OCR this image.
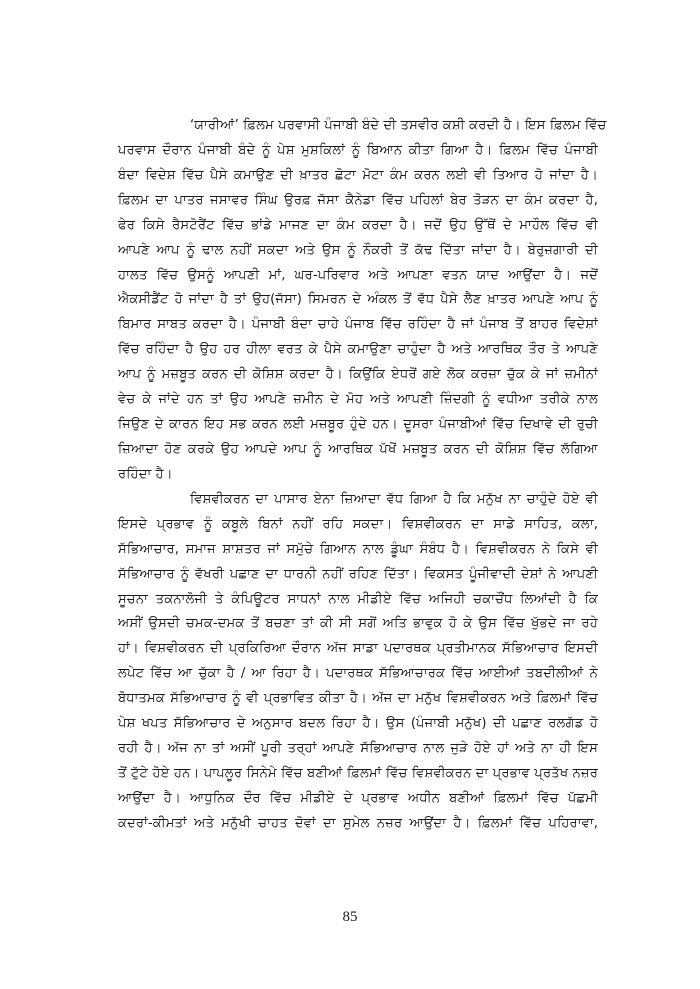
‘ਯਾਰੀਆਂ’ ਫ਼ਿਲਮ ਪਰਵਾਸੀ ਪੰਜਾਬੀ ਬੰਦੇ ਦੀ ਤਸਵੀਰ ਕਸ਼ੀ ਕਰਦੀ ਹੈ। ਇਸ ਫ਼ਿਲਮ ਵਿੱਚ
ਪਰਵਾਸ ਦੌਰਾਨ ਪੰਜਾਬੀ ਬੰਦੇ ਨੂੰ ਪੇਸ਼ ਮੁਸ਼ਕਿਲਾਂ ਨੂੰ ਬਿਆਨ ਕੀਤਾ ਗਿਆ ਹੈ। ਫ਼ਿਲਮ ਵਿੱਚ ਪੰਜਾਬੀ
ਬੰਦਾ ਵਿਦੇਸ਼ ਵਿੱਚ ਪੈਸੇ ਕਮਾਉਣ ਦੀ ਖ਼ਾਤਰ ਛੋਟਾ ਮੋਟਾ ਕੰਮ ਕਰਨ ਲਈ ਵੀ ਤਿਆਰ ਹੋ ਜਾਂਦਾ ਹੈ।
ਫ਼ਿਲਮ ਦਾ ਪਾਤਰ ਜਸਾਵਰ ਸਿੰਘ ਉਰਫ਼ ਜੱਸਾ ਕੈਨੇਡਾ ਵਿੱਚ ਪਹਿਲਾਂ ਬੇਰ ਤੋੜਨ ਦਾ ਕੰਮ ਕਰਦਾ ਹੈ,
ਫੇਰ ਕਿਸੇ ਰੈਸਟੋਰੈਂਟ ਵਿੱਚ ਭਾਂਡੇ ਮਾਜਣ ਦਾ ਕੰਮ ਕਰਦਾ ਹੈ। ਜਦੋਂ ਉਹ ਉੱਥੋਂ ਦੇ ਮਾਹੌਲ ਵਿੱਚ ਵੀ
ਆਪਣੇ ਆਪ ਨੂੰ ਢਾਲ ਨਹੀਂ ਸਕਦਾ ਅਤੇ ਉਸ ਨੂੰ ਨੌਕਰੀ ਤੋਂ ਕੱਢ ਦਿੱਤਾ ਜਾਂਦਾ ਹੈ। ਬੇਰੁਜ਼ਗਾਰੀ ਦੀ
ਹਾਲਤ ਵਿੱਚ ਉਸਨੂੰ ਆਪਣੀ ਮਾਂ, ਘਰ-ਪਰਿਵਾਰ ਅਤੇ ਆਪਣਾ ਵਤਨ ਯਾਦ ਆਉਂਦਾ ਹੈ। ਜਦੋਂ
ਐਕਸੀਡੈਂਟ ਹੋ ਜਾਂਦਾ ਹੈ ਤਾਂ ਉਹ(ਜੱਸਾ) ਸਿਮਰਨ ਦੇ ਅੰਕਲ ਤੋਂ ਵੱਧ ਪੈਸੇ ਲੈਣ ਖ਼ਾਤਰ ਆਪਣੇ ਆਪ ਨੂੰ
ਬਿਮਾਰ ਸਾਬਤ ਕਰਦਾ ਹੈ। ਪੰਜਾਬੀ ਬੰਦਾ ਚਾਹੇ ਪੰਜਾਬ ਵਿੱਚ ਰਹਿੰਦਾ ਹੈ ਜਾਂ ਪੰਜਾਬ ਤੋਂ ਬਾਹਰ ਵਿਦੇਸ਼ਾਂ
ਵਿੱਚ ਰਹਿੰਦਾ ਹੈ ਉਹ ਹਰ ਹੀਲਾ ਵਰਤ ਕੇ ਪੈਸੇ ਕਮਾਉਣਾ ਚਾਹੁੰਦਾ ਹੈ ਅਤੇ ਆਰਥਿਕ ਤੌਰ ਤੇ ਆਪਣੇ
ਆਪ ਨੂੰ ਮਜ਼ਬੂਤ ਕਰਨ ਦੀ ਕੋਸ਼ਿਸ਼ ਕਰਦਾ ਹੈ। ਕਿਉਂਕਿ ਏਧਰੋਂ ਗਏ ਲੋਕ ਕਰਜ਼ਾ ਚੁੱਕ ਕੇ ਜਾਂ ਜ਼ਮੀਨਾਂ
ਵੇਚ ਕੇ ਜਾਂਦੇ ਹਨ ਤਾਂ ਉਹ ਆਪਣੇ ਜ਼ਮੀਨ ਦੇ ਮੋਹ ਅਤੇ ਆਪਣੀ ਜ਼ਿੰਦਗੀ ਨੂੰ ਵਧੀਆ ਤਰੀਕੇ ਨਾਲ
ਜਿਉਣ ਦੇ ਕਾਰਨ ਇਹ ਸਭ ਕਰਨ ਲਈ ਮਜ਼ਬੂਰ ਹੁੰਦੇ ਹਨ। ਦੂਸਰਾ ਪੰਜਾਬੀਆਂ ਵਿੱਚ ਦਿਖਾਵੇ ਦੀ ਰੁਚੀ
ਜ਼ਿਆਦਾ ਹੋਣ ਕਰਕੇ ਉਹ ਆਪਦੇ ਆਪ ਨੂੰ ਆਰਥਿਕ ਪੱਖੋਂ ਮਜ਼ਬੂਤ ਕਰਨ ਦੀ ਕੋਸ਼ਿਸ਼ ਵਿੱਚ ਲੱਗਿਆ
ਰਹਿੰਦਾ ਹੈ।
ਵਿਸ਼ਵੀਕਰਨ ਦਾ ਪਾਸਾਰ ਏਨਾ ਜ਼ਿਆਦਾ ਵੱਧ ਗਿਆ ਹੈ ਕਿ ਮਨੁੱਖ ਨਾ ਚਾਹੁੰਦੇ ਹੋਏ ਵੀ
ਇਸਦੇ ਪ੍ਰਭਾਵ ਨੂੰ ਕਬੂਲੇ ਬਿਨਾਂ ਨਹੀਂ ਰਹਿ ਸਕਦਾ। ਵਿਸ਼ਵੀਕਰਨ ਦਾ ਸਾਡੇ ਸਾਹਿਤ, ਕਲਾ,
ਸੱਭਿਆਚਾਰ, ਸਮਾਜ ਸ਼ਾਸ਼ਤਰ ਜਾਂ ਸਮੁੱਚੇ ਗਿਆਨ ਨਾਲ ਡੂੰਘਾ ਸੰਬੰਧ ਹੈ। ਵਿਸ਼ਵੀਕਰਨ ਨੇ ਕਿਸੇ ਵੀ
ਸੱਭਿਆਚਾਰ ਨੂੰ ਵੱਖਰੀ ਪਛਾਣ ਦਾ ਧਾਰਨੀ ਨਹੀਂ ਰਹਿਣ ਦਿੱਤਾ। ਵਿਕਸਤ ਪੂੰਜੀਵਾਦੀ ਦੇਸ਼ਾਂ ਨੇ ਆਪਣੀ
ਸੂਚਨਾ ਤਕਨਾਲੋਜੀ ਤੇ ਕੰਪਿਊਟਰ ਸਾਧਨਾਂ ਨਾਲ ਮੀਡੀਏ ਵਿੱਚ ਅਜਿਹੀ ਚਕਾਚੌਂਧ ਲਿਆਂਦੀ ਹੈ ਕਿ
ਅਸੀਂ ਉਸਦੀ ਚਮਕ-ਦਮਕ ਤੋਂ ਬਚਣਾ ਤਾਂ ਕੀ ਸੀ ਸਗੋਂ ਅਤਿ ਭਾਵੁਕ ਹੋ ਕੇ ਉਸ ਵਿੱਚ ਖੁੱਭਦੇ ਜਾ ਰਹੇ
ਹਾਂ। ਵਿਸ਼ਵੀਕਰਨ ਦੀ ਪ੍ਰਕਿਰਿਆ ਦੌਰਾਨ ਅੱਜ ਸਾਡਾ ਪਦਾਰਥਕ ਪ੍ਰਤੀਮਾਨਕ ਸੱਭਿਆਚਾਰ ਇਸਦੀ
ਲਪੇਟ ਵਿੱਚ ਆ ਚੁੱਕਾ ਹੈ / ਆ ਰਿਹਾ ਹੈ। ਪਦਾਰਥਕ ਸੱਭਿਆਚਾਰਕ ਵਿੱਚ ਆਈਆਂ ਤਬਦੀਲੀਆਂ ਨੇ
ਬੋਧਾਤਮਕ ਸੱਭਿਆਚਾਰ ਨੂੰ ਵੀ ਪ੍ਰਭਾਵਿਤ ਕੀਤਾ ਹੈ। ਅੱਜ ਦਾ ਮਨੁੱਖ ਵਿਸ਼ਵੀਕਰਨ ਅਤੇ ਫ਼ਿਲਮਾਂ ਵਿੱਚ
ਪੇਸ਼ ਖਪਤ ਸੱਭਿਆਚਾਰ ਦੇ ਅਨੁਸਾਰ ਬਦਲ ਰਿਹਾ ਹੈ। ਉਸ (ਪੰਜਾਬੀ ਮਨੁੱਖ) ਦੀ ਪਛਾਣ ਰਲਗੱਡ ਹੋ
ਰਹੀ ਹੈ। ਅੱਜ ਨਾ ਤਾਂ ਅਸੀਂ ਪੂਰੀ ਤਰ੍ਹਾਂ ਆਪਣੇ ਸੱਭਿਆਚਾਰ ਨਾਲ ਜੁੜੇ ਹੋਏ ਹਾਂ ਅਤੇ ਨਾ ਹੀ ਇਸ
ਤੋਂ ਟੁੱਟੇ ਹੋਏ ਹਨ। ਪਾਪਲੂਰ ਸਿਨੇਮੇ ਵਿੱਚ ਬਣੀਆਂ ਫ਼ਿਲਮਾਂ ਵਿੱਚ ਵਿਸ਼ਵੀਕਰਨ ਦਾ ਪ੍ਰਭਾਵ ਪ੍ਰਤੱਖ ਨਜ਼ਰ
ਆਉਂਦਾ ਹੈ। ਆਧੁਨਿਕ ਦੌਰ ਵਿੱਚ ਮੀਡੀਏ ਦੇ ਪ੍ਰਭਾਵ ਅਧੀਨ ਬਣੀਆਂ ਫ਼ਿਲਮਾਂ ਵਿੱਚ ਪੱਛਮੀ
ਕਦਰਾਂ-ਕੀਮਤਾਂ ਅਤੇ ਮਨੁੱਖੀ ਚਾਹਤ ਦੋਵਾਂ ਦਾ ਸੁਮੇਲ ਨਜ਼ਰ ਆਉਂਦਾ ਹੈ। ਫ਼ਿਲਮਾਂ ਵਿੱਚ ਪਹਿਰਾਵਾ,
85
